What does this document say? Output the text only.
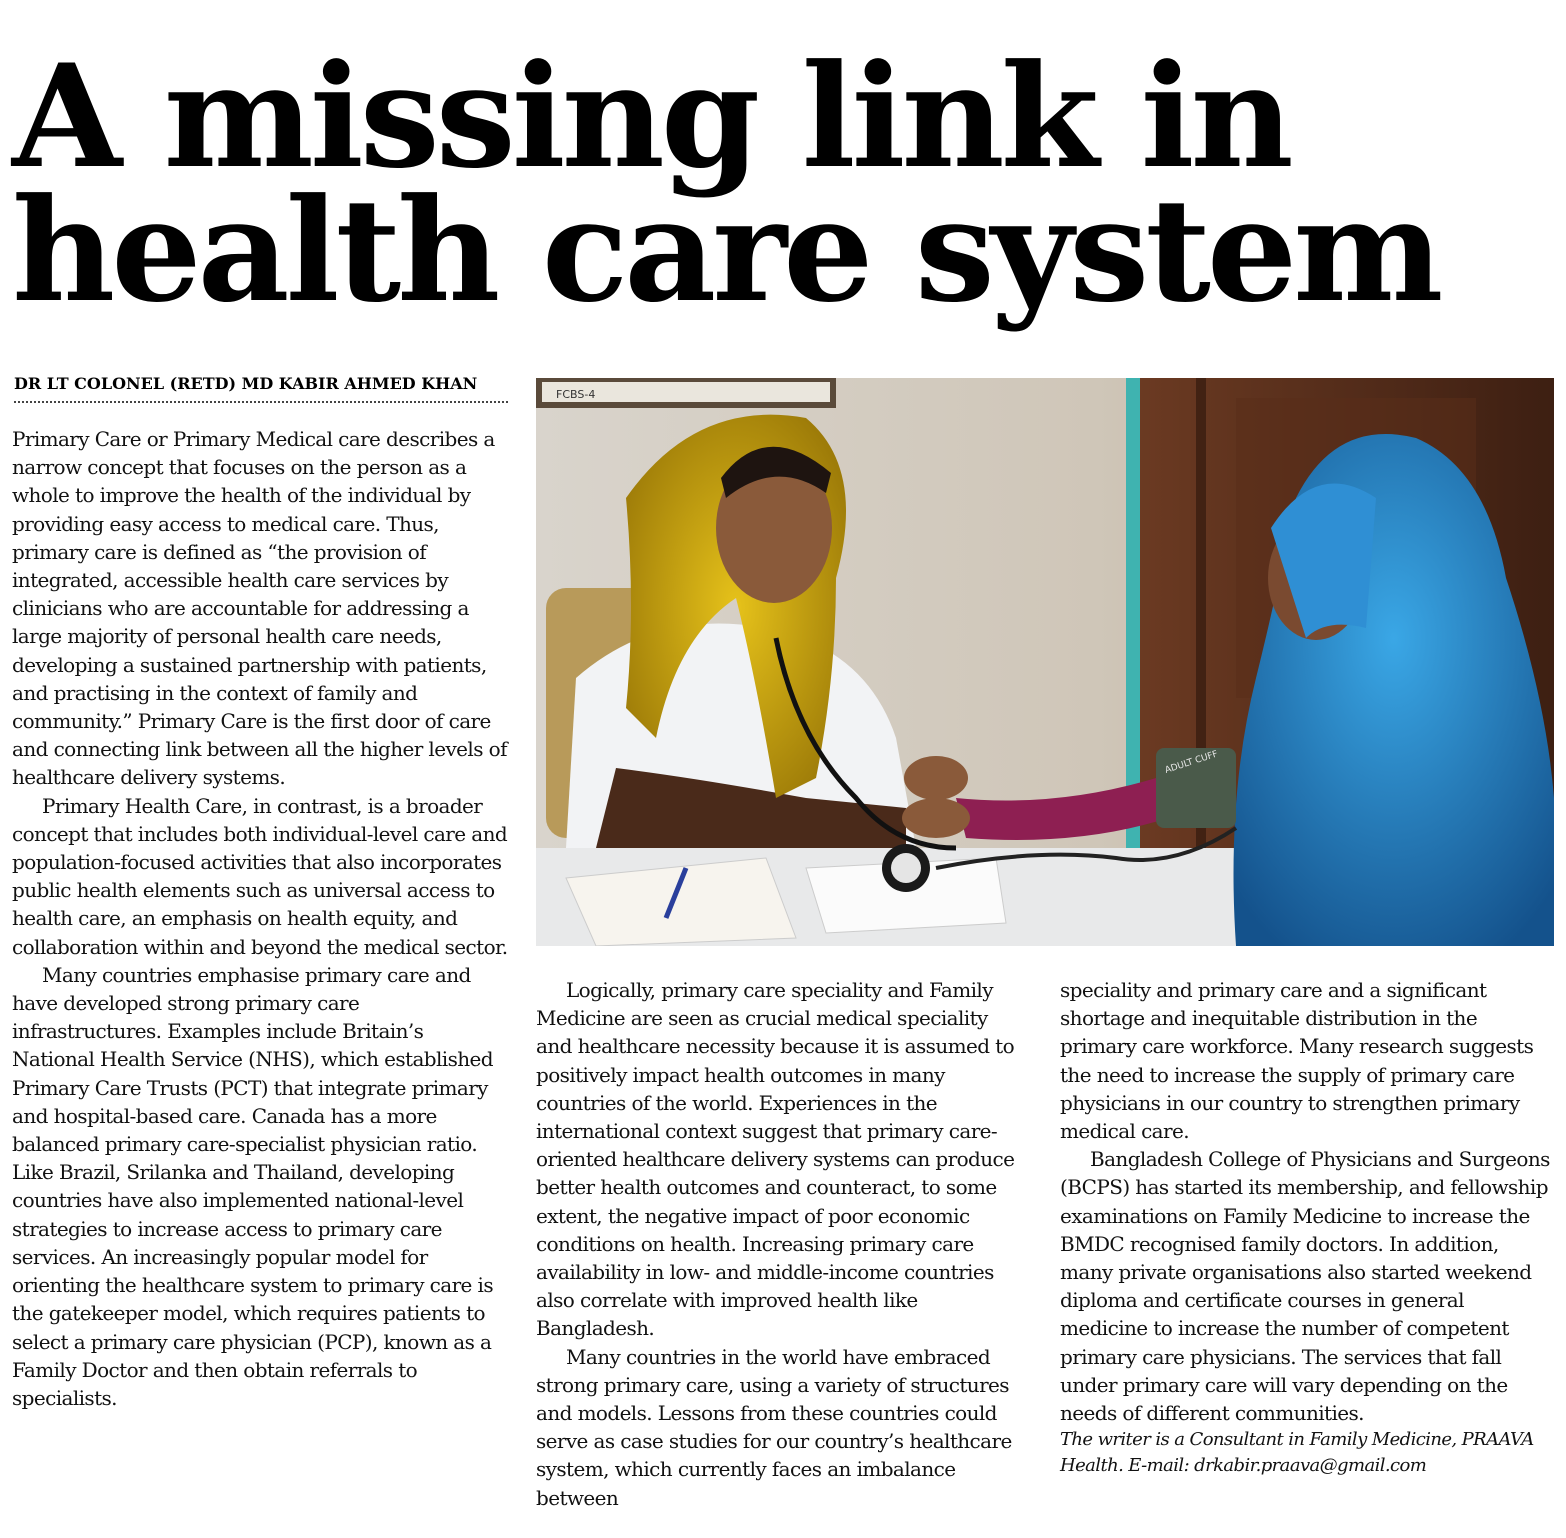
A missing link in
health care system
DR LT COLONEL (RETD) MD KABIR AHMED KHAN

Primary Care or Primary Medical care describes a narrow concept that focuses on the person as a whole to improve the health of the individual by providing easy access to medical care. Thus, primary care is defined as “the provision of integrated, accessible health care services by clinicians who are accountable for addressing a large majority of personal health care needs, developing a sustained partnership with patients, and practising in the context of family and community.” Primary Care is the first door of care and connecting link between all the higher levels of healthcare delivery systems.

Primary Health Care, in contrast, is a broader concept that includes both individual-level care and population-focused activities that also incorporates public health elements such as universal access to health care, an emphasis on health equity, and collaboration within and beyond the medical sector.

Many countries emphasise primary care and have developed strong primary care infrastructures. Examples include Britain’s National Health Service (NHS), which established Primary Care Trusts (PCT) that integrate primary and hospital-based care. Canada has a more balanced primary care-specialist physician ratio. Like Brazil, Srilanka and Thailand, developing countries have also implemented national-level strategies to increase access to primary care services. An increasingly popular model for orienting the healthcare system to primary care is the gatekeeper model, which requires patients to select a primary care physician (PCP), known as a Family Doctor and then obtain referrals to specialists.

FCBS-4
ADULT CUFF

Logically, primary care speciality and Family Medicine are seen as crucial medical speciality and healthcare necessity because it is assumed to positively impact health outcomes in many countries of the world. Experiences in the international context suggest that primary care-oriented healthcare delivery systems can produce better health outcomes and counteract, to some extent, the negative impact of poor economic conditions on health. Increasing primary care availability in low- and middle-income countries also correlate with improved health like Bangladesh.

Many countries in the world have embraced strong primary care, using a variety of structures and models. Lessons from these countries could serve as case studies for our country’s healthcare system, which currently faces an imbalance between

speciality and primary care and a significant shortage and inequitable distribution in the primary care workforce. Many research suggests the need to increase the supply of primary care physicians in our country to strengthen primary medical care.

Bangladesh College of Physicians and Surgeons (BCPS) has started its membership, and fellowship examinations on Family Medicine to increase the BMDC recognised family doctors. In addition, many private organisations also started weekend diploma and certificate courses in general medicine to increase the number of competent primary care physicians. The services that fall under primary care will vary depending on the needs of different communities.

The writer is a Consultant in Family Medicine, PRAAVA Health. E-mail: drkabir.praava@gmail.com
